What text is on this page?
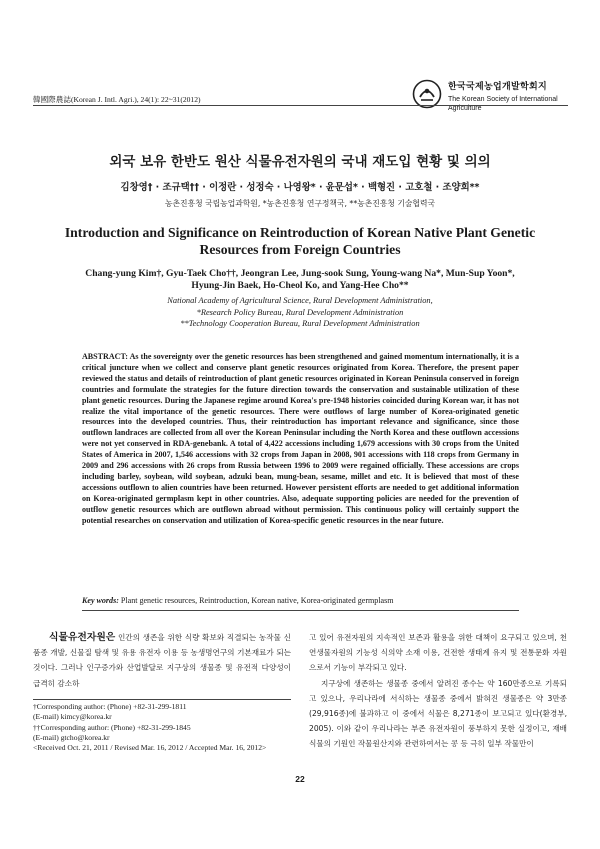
韓國際農誌(Korean J. Intl. Agri.), 24(1): 22~31(2012)
한국국제농업개발학회지
The Korean Society of International Agriculture
외국 보유 한반도 원산 식물유전자원의 국내 재도입 현황 및 의의
김창영† · 조규택†† · 이정란 · 성정숙 · 나영왕* · 윤문섭* · 백형진 · 고호철 · 조양희**
농촌진흥청 국립농업과학원, *농촌진흥청 연구정책국, **농촌진흥청 기술협력국
Introduction and Significance on Reintroduction of Korean Native Plant Genetic Resources from Foreign Countries
Chang-yung Kim†, Gyu-Taek Cho††, Jeongran Lee, Jung-sook Sung, Young-wang Na*, Mun-Sup Yoon*,
Hyung-Jin Baek, Ho-Cheol Ko, and Yang-Hee Cho**
National Academy of Agricultural Science, Rural Development Administration,
*Research Policy Bureau, Rural Development Administration
**Technology Cooperation Bureau, Rural Development Administration
ABSTRACT: As the sovereignty over the genetic resources has been strengthened and gained momentum internationally, it is a critical juncture when we collect and conserve plant genetic resources originated from Korea. Therefore, the present paper reviewed the status and details of reintroduction of plant genetic resources originated in Korean Peninsula conserved in foreign countries and formulate the strategies for the future direction towards the conservation and sustainable utilization of these plant genetic resources. During the Japanese regime around Korea's pre-1948 histories coincided during Korean war, it has not realize the vital importance of the genetic resources. There were outflows of large number of Korea-originated genetic resources into the developed countries. Thus, their reintroduction has important relevance and significance, since those outflown landraces are collected from all over the Korean Peninsular including the North Korea and these outflown accessions were not yet conserved in RDA-genebank. A total of 4,422 accessions including 1,679 accessions with 30 crops from the United States of America in 2007, 1,546 accessions with 32 crops from Japan in 2008, 901 accessions with 118 crops from Germany in 2009 and 296 accessions with 26 crops from Russia between 1996 to 2009 were regained officially. These accessions are crops including barley, soybean, wild soybean, adzuki bean, mung-bean, sesame, millet and etc. It is believed that most of these accessions outflown to alien countries have been returned. However persistent efforts are needed to get additional information on Korea-originated germplasm kept in other countries. Also, adequate supporting policies are needed for the prevention of outflow genetic resources which are outflown abroad without permission. This continuous policy will certainly support the potential researches on conservation and utilization of Korea-specific genetic resources in the near future.
Key words: Plant genetic resources, Reintroduction, Korean native, Korea-originated germplasm
식물유전자원은 인간의 생존을 위한 식량 확보와 직결되는 농작물 신품종 개발, 신물질 탐색 및 유용 유전자 이용 등 농생명연구의 기본재료가 되는 것이다. 그러나 인구증가와 산업발달로 지구상의 생물종 및 유전적 다양성이 급격히 감소하

고 있어 유전자원의 지속적인 보존과 활용을 위한 대책이 요구되고 있으며, 천연생물자원의 기능성 식의약 소재 이용, 건전한 생태계 유지 및 전통문화 자원으로서 기능이 부각되고 있다.

지구상에 생존하는 생물종 중에서 알려진 종수는 약 160만종으로 기록되고 있으나, 우리나라에 서식하는 생물종 중에서 밝혀진 생물종은 약 3만종(29,916종)에 불과하고 이 중에서 식물은 8,271종이 보고되고 있다(환경부, 2005). 이와 같이 우리나라는 부존 유전자원이 풍부하지 못한 실정이고, 재배식물의 기원인 작물원산지와 관련하여서는 콩 등 극히 일부 작물만이

†Corresponding author: (Phone) +82-31-299-1811
(E-mail) kimcy@korea.kr
††Corresponding author: (Phone) +82-31-299-1845
(E-mail) gtcho@korea.kr
<Received Oct. 21, 2011 / Revised Mar. 16, 2012 / Accepted Mar. 16, 2012>
22
